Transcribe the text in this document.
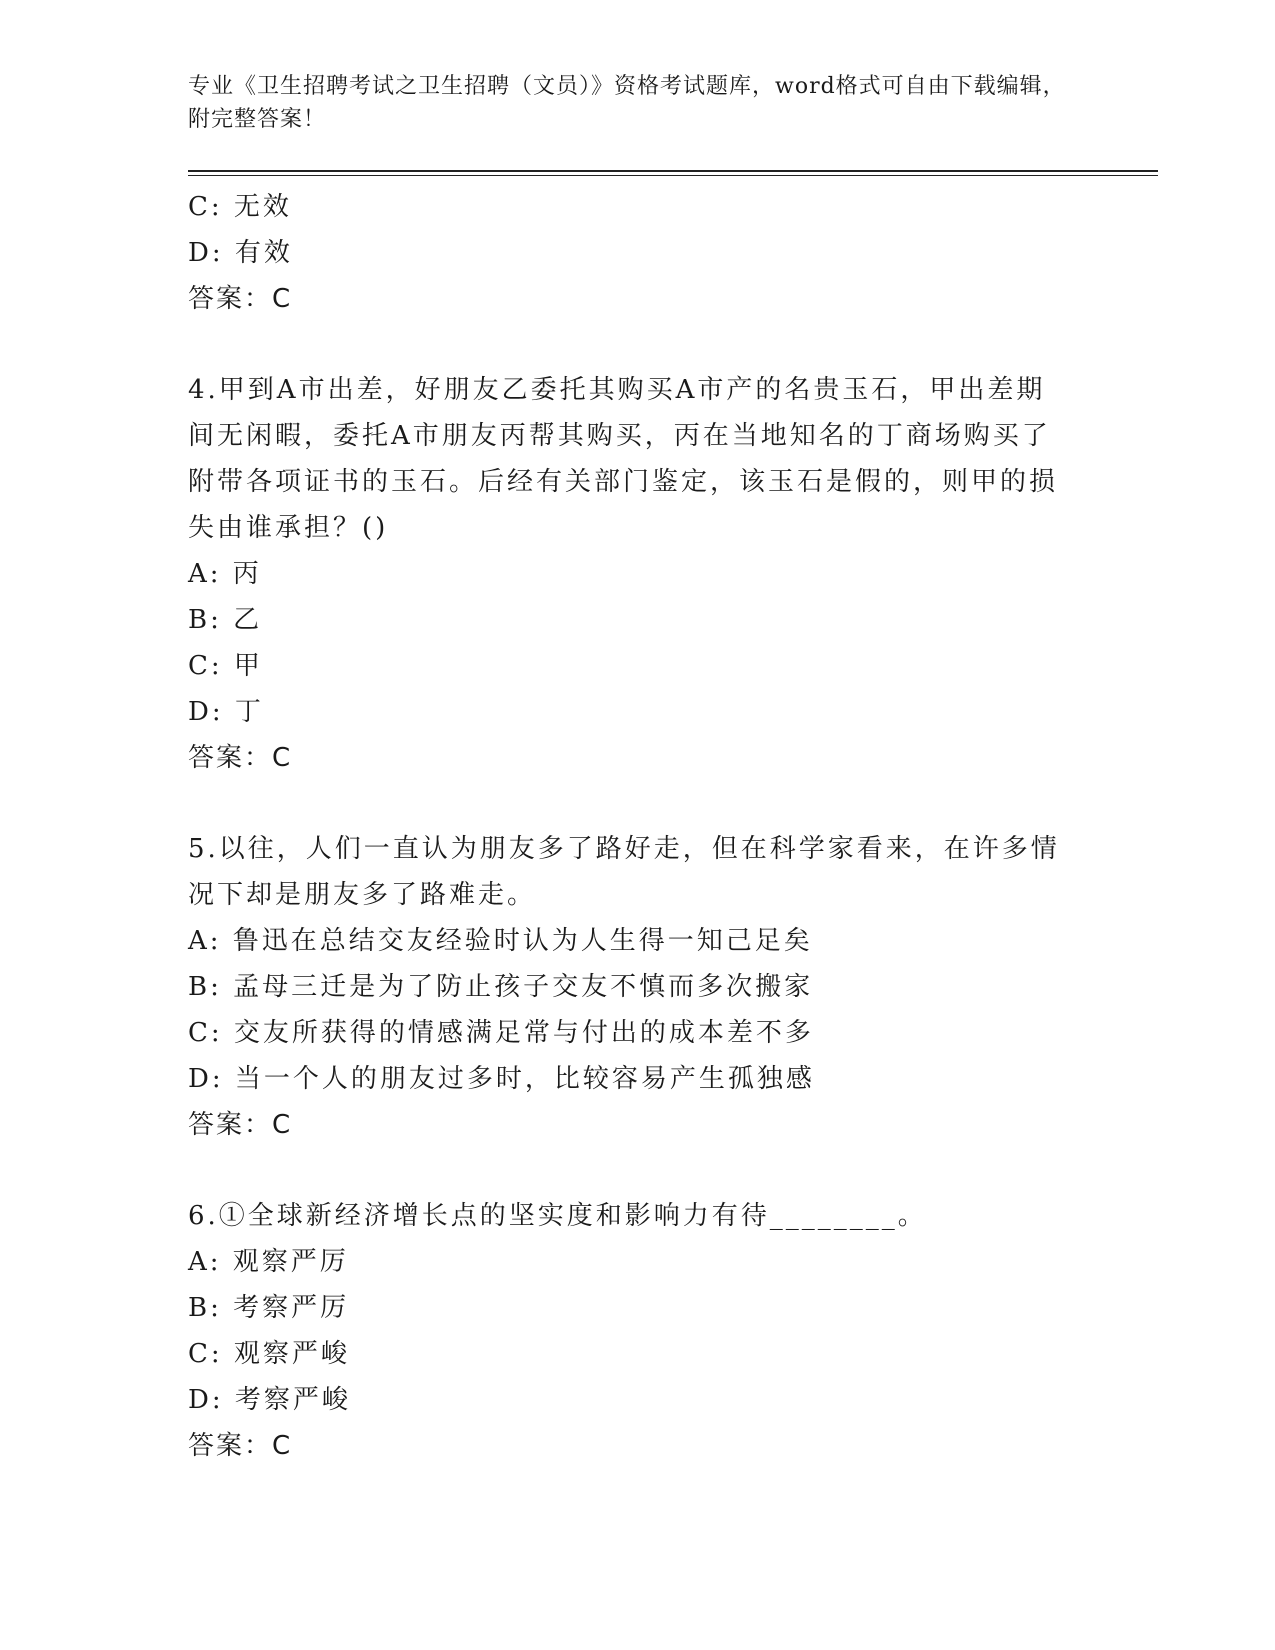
专业《卫生招聘考试之卫生招聘（文员）》资格考试题库，word格式可自由下载编辑，附完整答案！
C: 无效
D: 有效
答案：C
4.甲到A市出差，好朋友乙委托其购买A市产的名贵玉石，甲出差期
间无闲暇，委托A市朋友丙帮其购买，丙在当地知名的丁商场购买了
附带各项证书的玉石。后经有关部门鉴定，该玉石是假的，则甲的损
失由谁承担？()
A: 丙
B: 乙
C: 甲
D: 丁
答案：C
5.以往，人们一直认为朋友多了路好走，但在科学家看来，在许多情
况下却是朋友多了路难走。
A: 鲁迅在总结交友经验时认为人生得一知己足矣
B: 孟母三迁是为了防止孩子交友不慎而多次搬家
C: 交友所获得的情感满足常与付出的成本差不多
D: 当一个人的朋友过多时，比较容易产生孤独感
答案：C
6.①全球新经济增长点的坚实度和影响力有待________。
A: 观察严厉
B: 考察严厉
C: 观察严峻
D: 考察严峻
答案：C
